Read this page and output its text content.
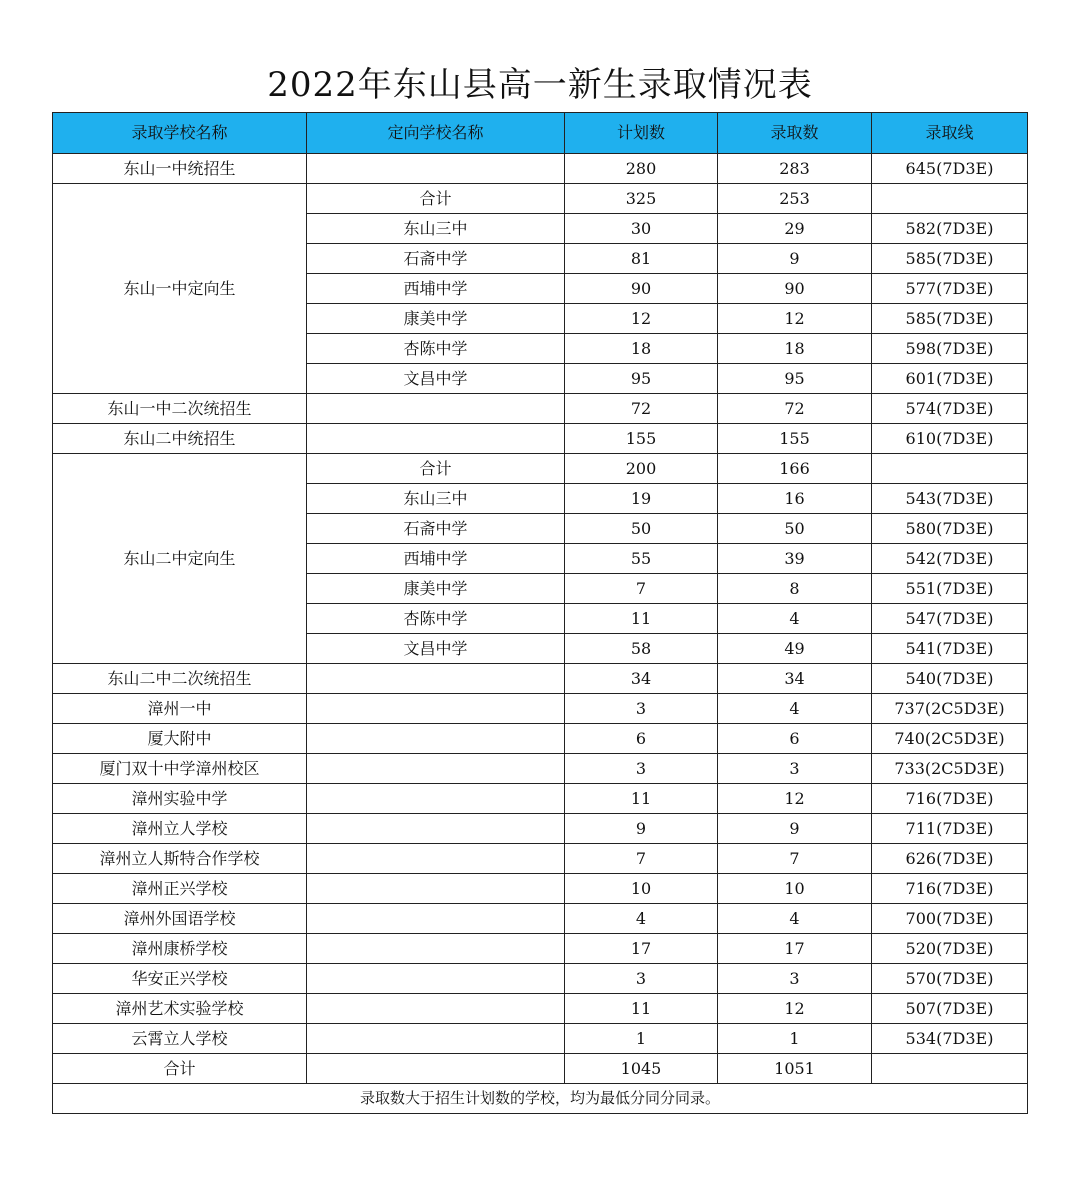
2022年东山县高一新生录取情况表
录取学校名称	定向学校名称	计划数	录取数	录取线
东山一中统招生		280	283	645(7D3E)
东山一中定向生	合计	325	253	
	东山三中	30	29	582(7D3E)
	石斋中学	81	9	585(7D3E)
	西埔中学	90	90	577(7D3E)
	康美中学	12	12	585(7D3E)
	杏陈中学	18	18	598(7D3E)
	文昌中学	95	95	601(7D3E)
东山一中二次统招生		72	72	574(7D3E)
东山二中统招生		155	155	610(7D3E)
东山二中定向生	合计	200	166	
	东山三中	19	16	543(7D3E)
	石斋中学	50	50	580(7D3E)
	西埔中学	55	39	542(7D3E)
	康美中学	7	8	551(7D3E)
	杏陈中学	11	4	547(7D3E)
	文昌中学	58	49	541(7D3E)
东山二中二次统招生		34	34	540(7D3E)
漳州一中		3	4	737(2C5D3E)
厦大附中		6	6	740(2C5D3E)
厦门双十中学漳州校区		3	3	733(2C5D3E)
漳州实验中学		11	12	716(7D3E)
漳州立人学校		9	9	711(7D3E)
漳州立人斯特合作学校		7	7	626(7D3E)
漳州正兴学校		10	10	716(7D3E)
漳州外国语学校		4	4	700(7D3E)
漳州康桥学校		17	17	520(7D3E)
华安正兴学校		3	3	570(7D3E)
漳州艺术实验学校		11	12	507(7D3E)
云霄立人学校		1	1	534(7D3E)
合计		1045	1051	
录取数大于招生计划数的学校，均为最低分同分同录。				
